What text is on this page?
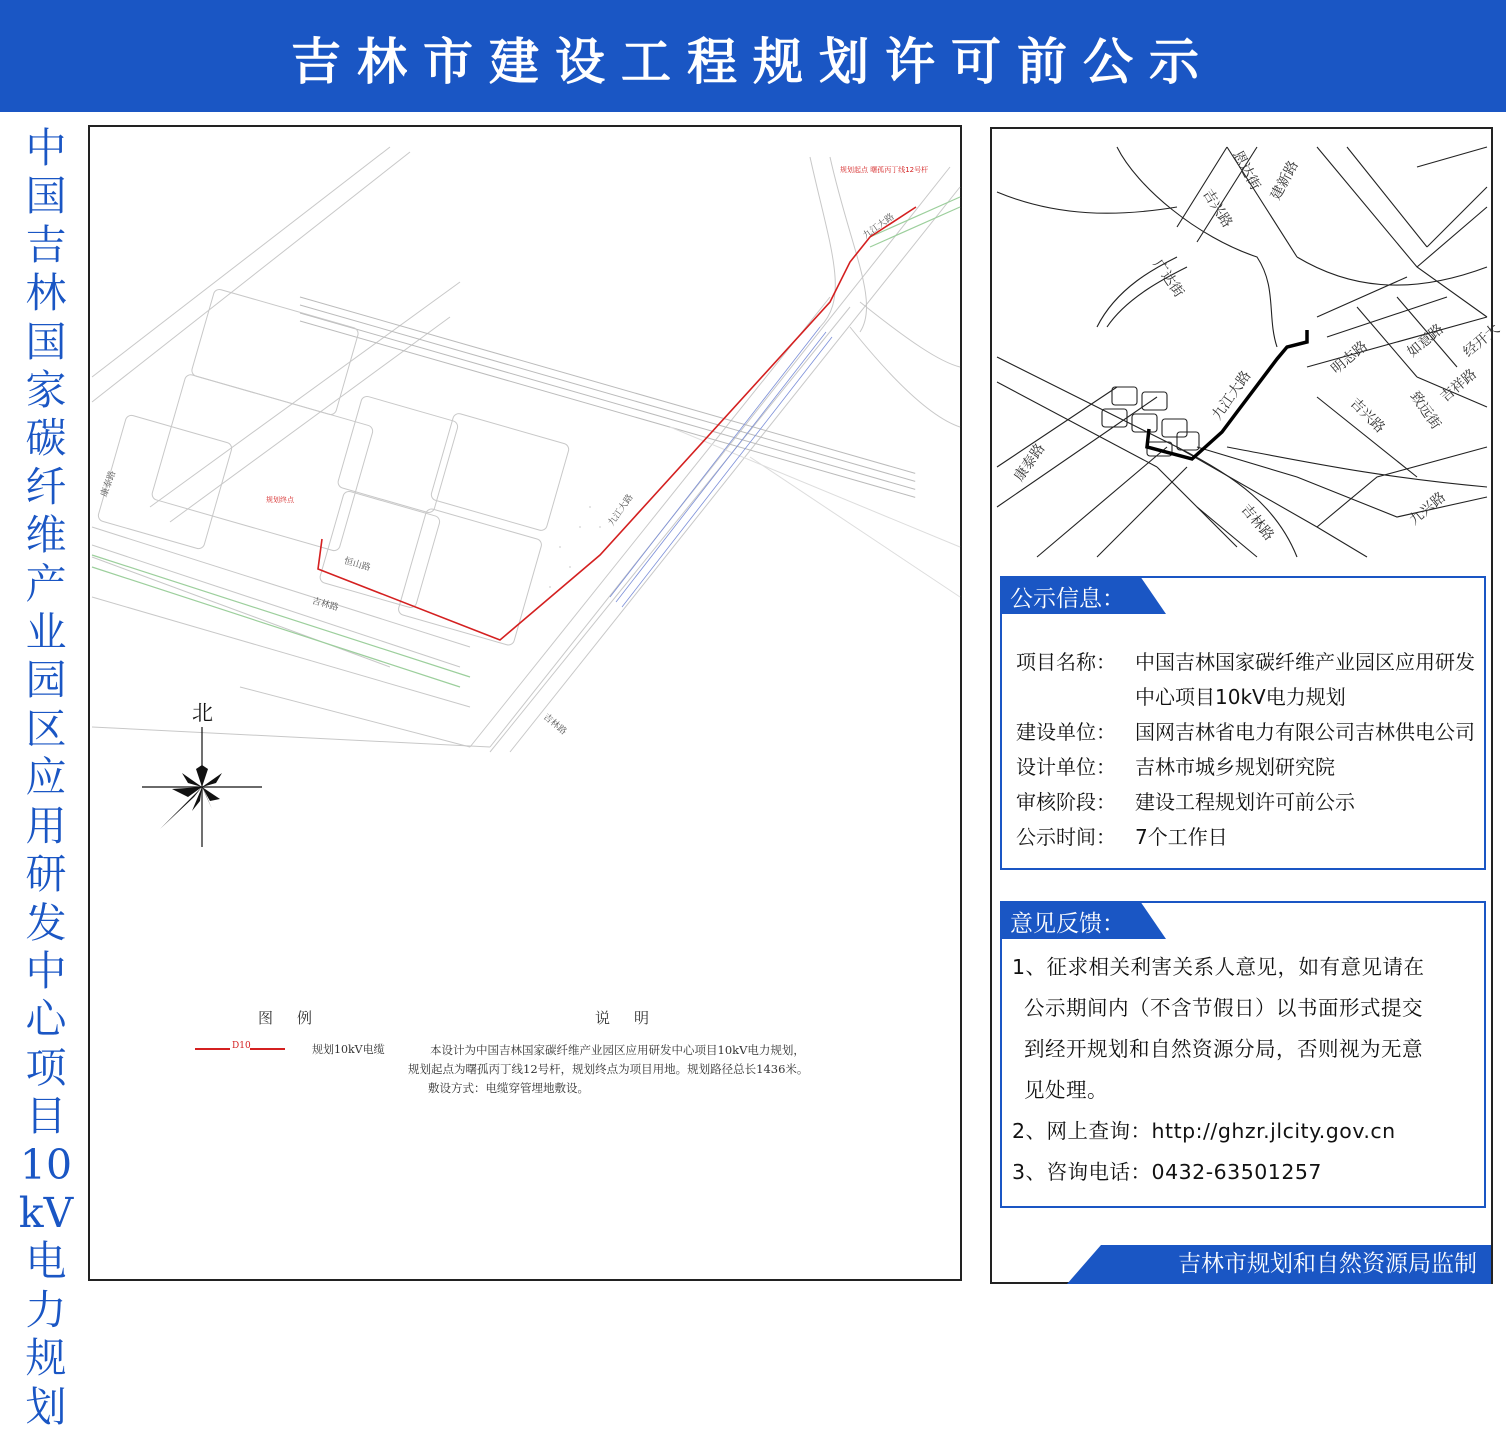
吉林市建设工程规划许可前公示
中国吉林国家碳纤维产业园区应用研发中心项目10kV电力规划
北
九江大路
九江大路
吉林路
吉林路
恒山路
康泰路
规划起点 曙孤丙丁线12号杆
规划终点
图例	说明
D10	规划10kV电缆	本设计为中国吉林国家碳纤维产业园区应用研发中心项目10kV电力规划，
规划起点为曙孤丙丁线12号杆，规划终点为项目用地。规划路径总长1436米。
敷设方式：电缆穿管埋地敷设。
恩达街 建新路
吉兴路
广达街
九江大路
明志路 如意路
吉祥路
致远街
吉兴路
康泰路
吉林路	九兴路
经开大
公示信息：
项目名称： 中国吉林国家碳纤维产业园区应用研发中心项目10kV电力规划
建设单位： 国网吉林省电力有限公司吉林供电公司
设计单位： 吉林市城乡规划研究院
审核阶段： 建设工程规划许可前公示
公示时间： 7个工作日
意见反馈：
1、征求相关利害关系人意见，如有意见请在
公示期间内（不含节假日）以书面形式提交
到经开规划和自然资源分局，否则视为无意
见处理。
2、网上查询：http://ghzr.jlcity.gov.cn
3、咨询电话：0432-63501257
吉林市规划和自然资源局监制
